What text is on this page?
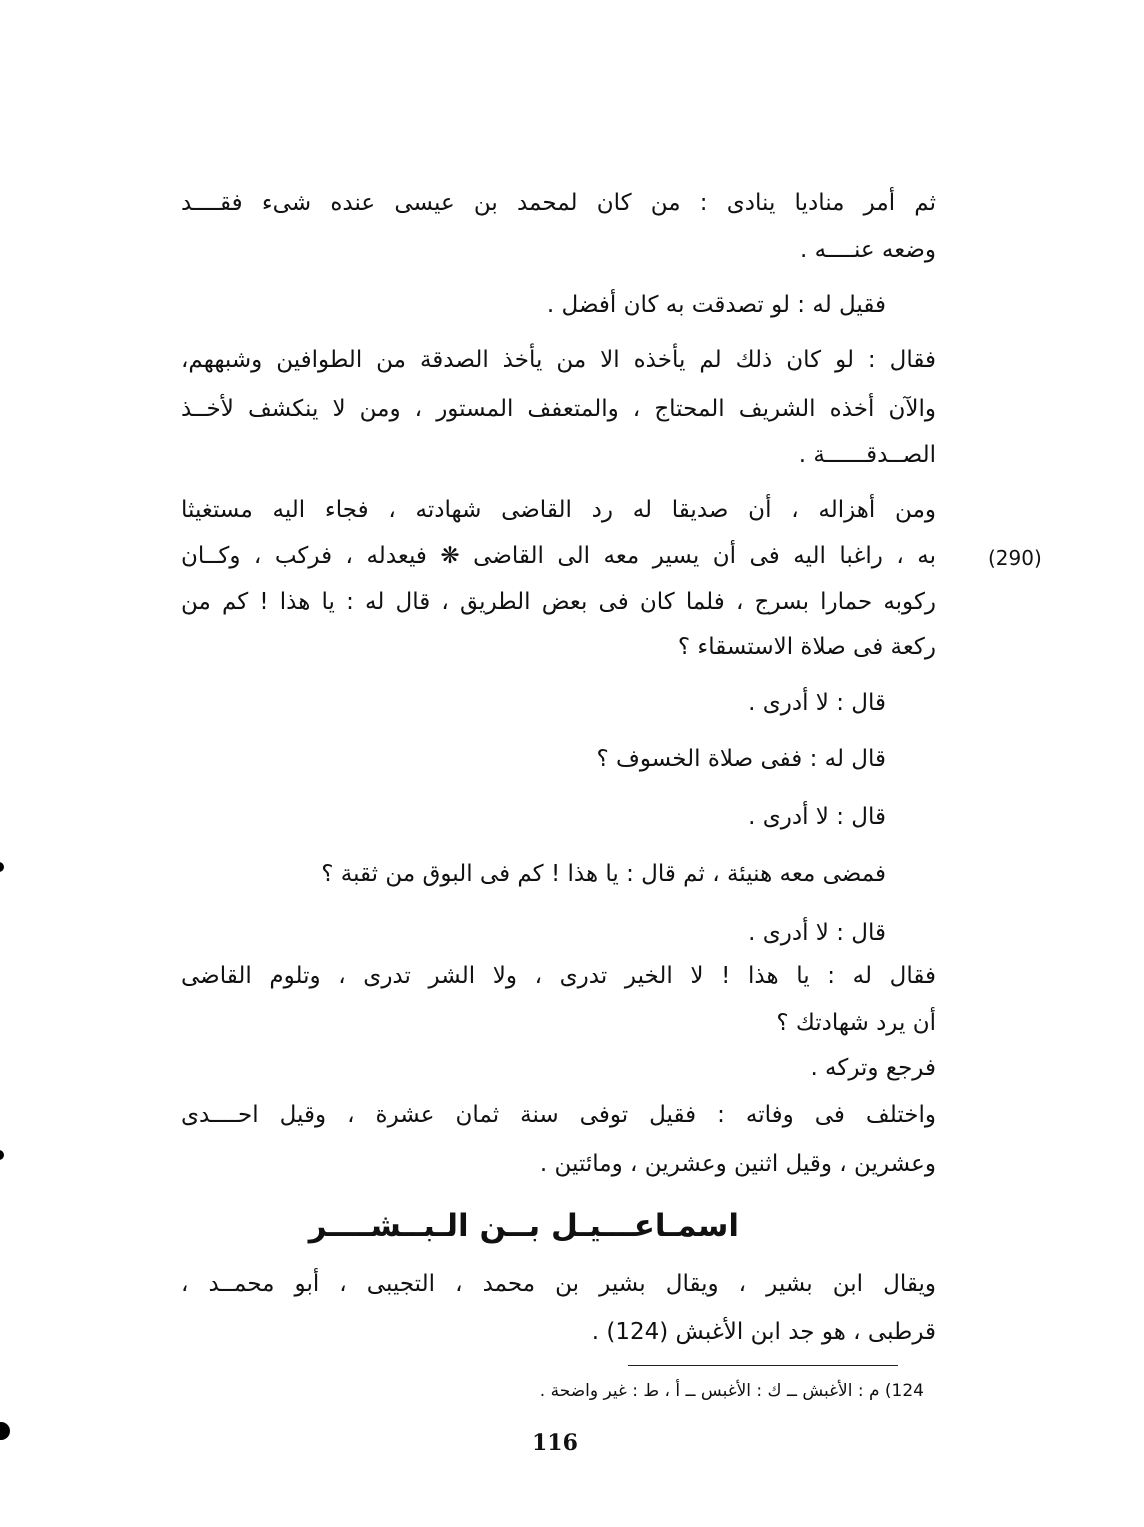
(290)
ثم أمر مناديا ينادى : من كان لمحمد بن عيسى عنده شىء فقــــد
وضعه عنــــه .
فقيل له : لو تصدقت به كان أفضل .
فقال : لو كان ذلك لم يأخذه الا من يأخذ الصدقة من الطوافين وشبههم،
والآن أخذه الشريف المحتاج ، والمتعفف المستور ، ومن لا ينكشف لأخــذ
الصــدقــــــة .
ومن أهزاله ، أن صديقا له رد القاضى شهادته ، فجاء اليه مستغيثا
به ، راغبا اليه فى أن يسير معه الى القاضى ❋ فيعدله ، فركب ، وكــان
ركوبه حمارا بسرج ، فلما كان فى بعض الطريق ، قال له : يا هذا ! كم من
ركعة فى صلاة الاستسقاء ؟
قال : لا أدرى .
قال له : ففى صلاة الخسوف ؟
قال : لا أدرى .
فمضى معه هنيئة ، ثم قال : يا هذا ! كم فى البوق من ثقبة ؟
قال : لا أدرى .
فقال له : يا هذا ! لا الخير تدرى ، ولا الشر تدرى ، وتلوم القاضى
أن يرد شهادتك ؟
فرجع وتركه .
واختلف فى وفاته : فقيل توفى سنة ثمان عشرة ، وقيل احــــدى
وعشرين ، وقيل اثنين وعشرين ، ومائتين .
اسمـاعـــيـل بــن الـبــشــــر
ويقال ابن بشير ، ويقال بشير بن محمد ، التجيبى ، أبو محمــد ،
قرطبى ، هو جد ابن الأغبش (124) .
124) م : الأغبش ــ ك : الأغبس ــ أ ، ط : غير واضحة .
116
